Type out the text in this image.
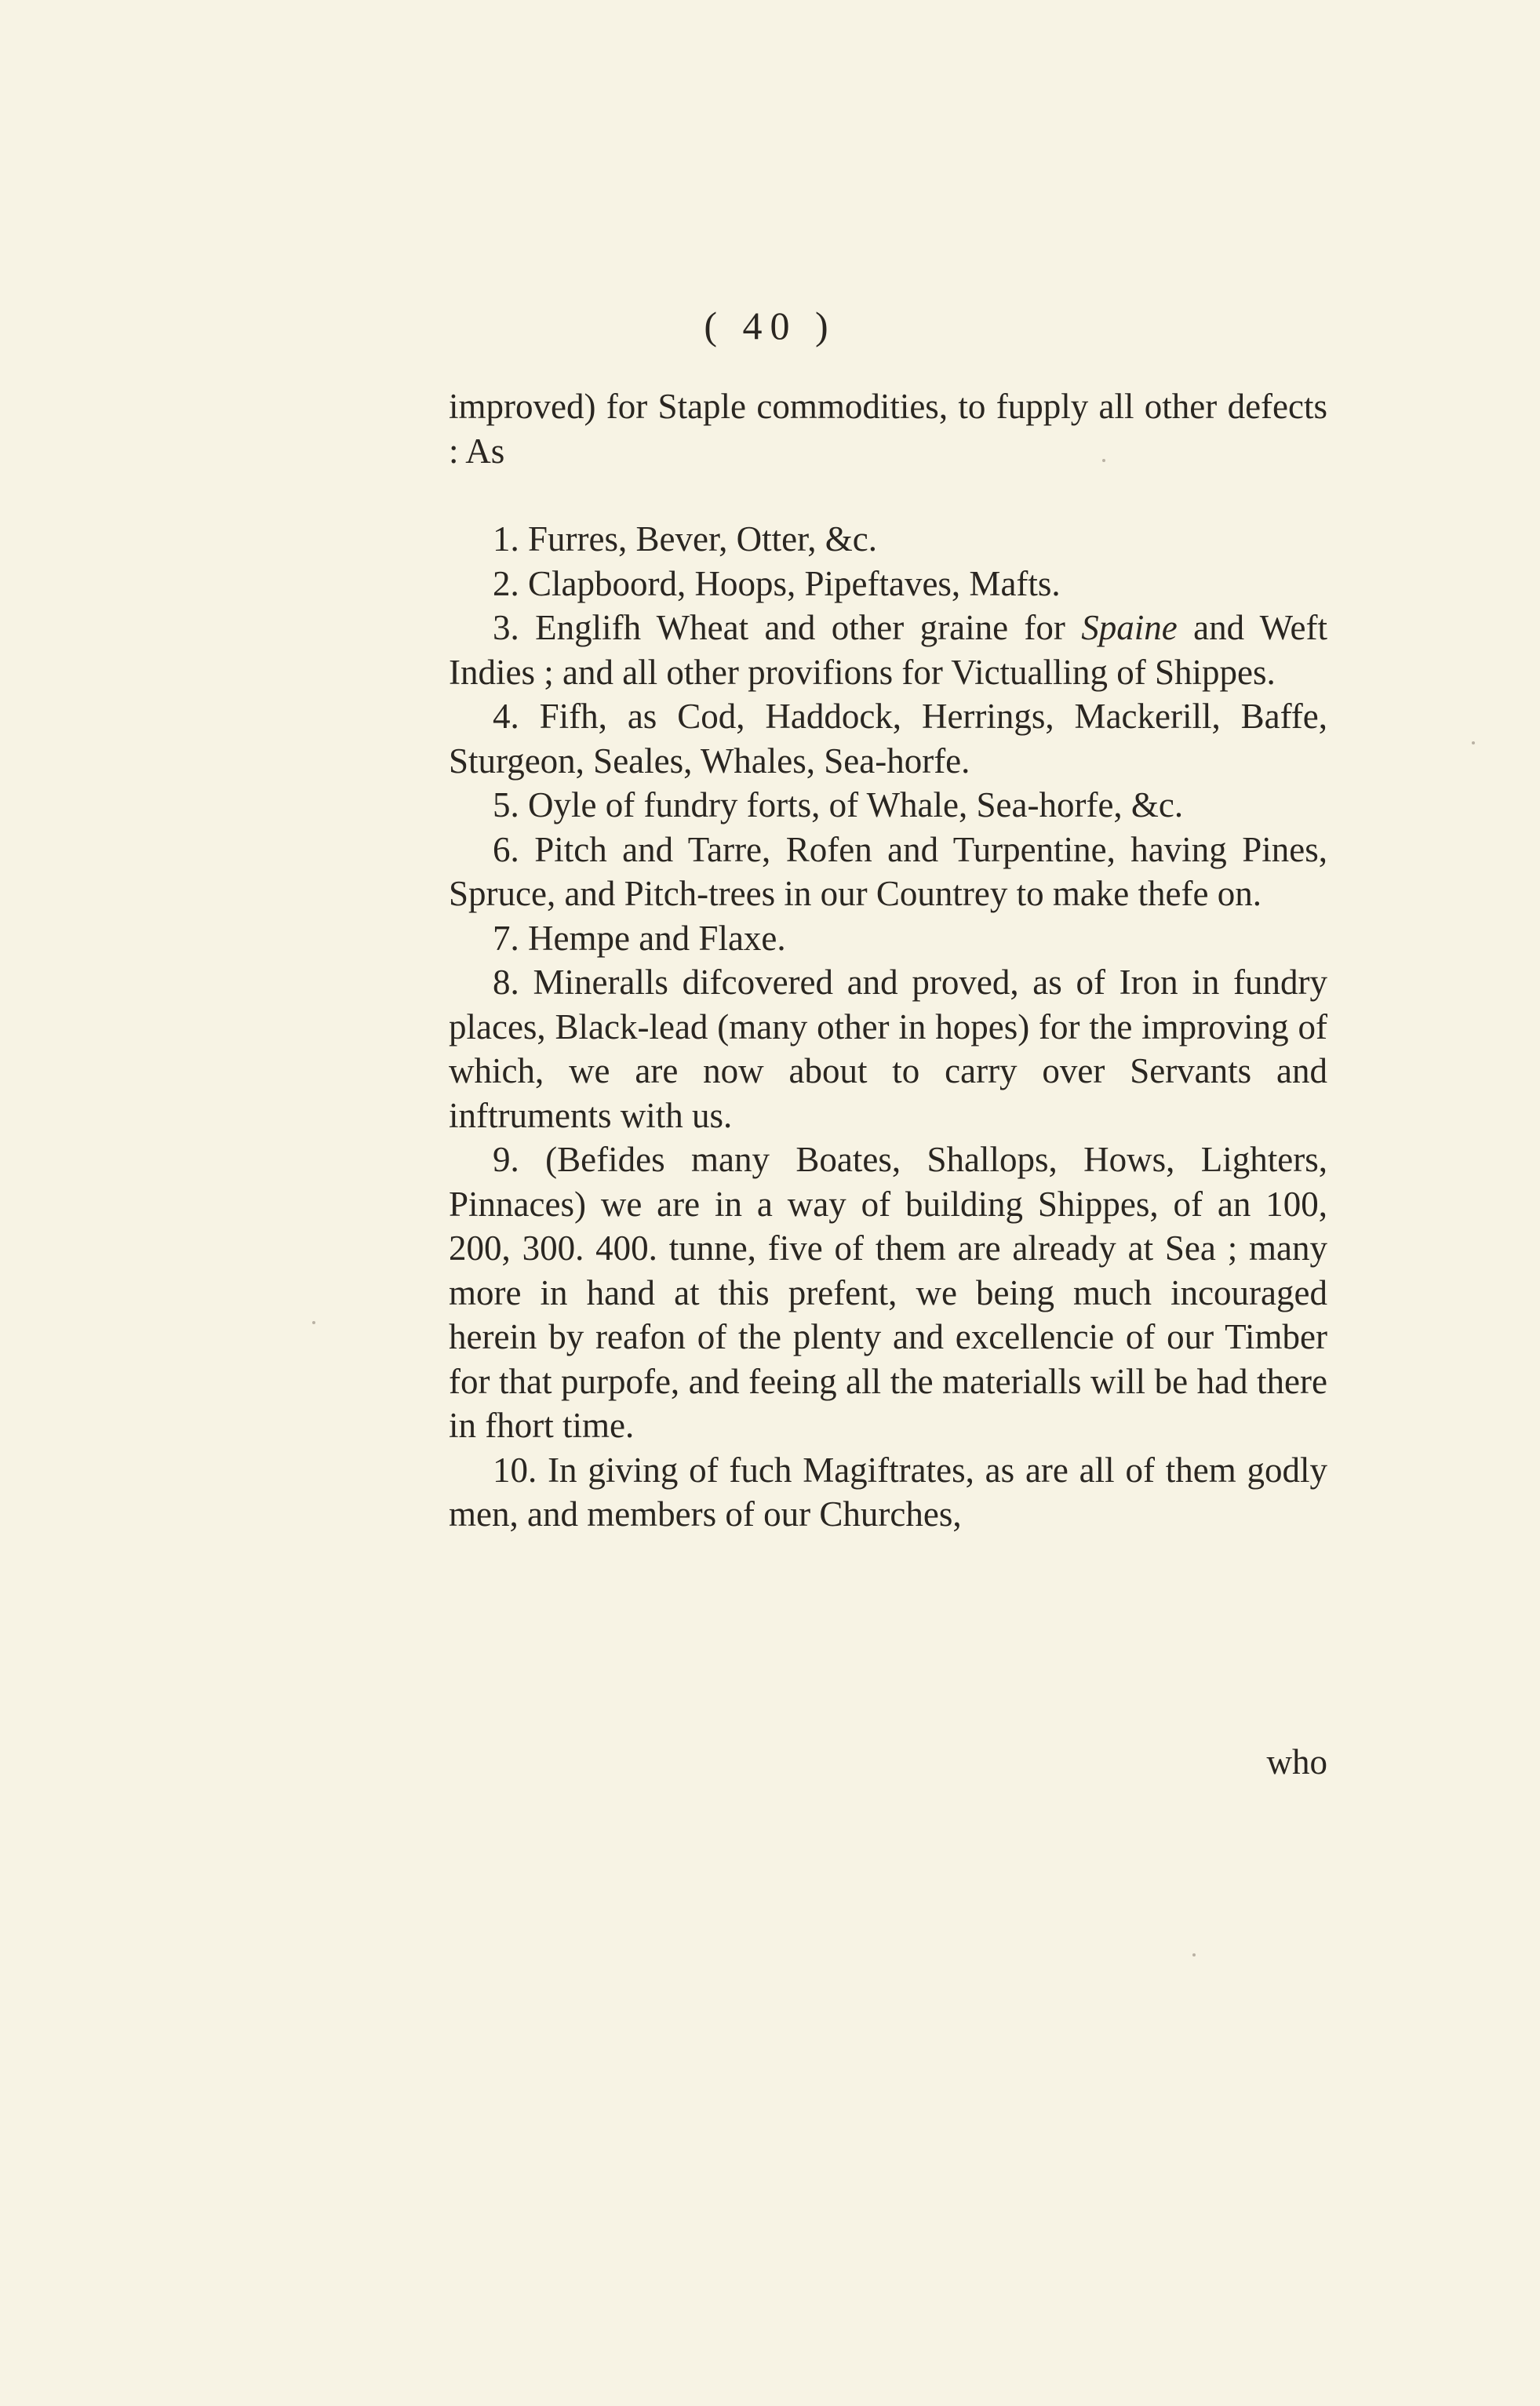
( 40 )

improved) for Staple commodities, to fupply all other defects : As

1. Furres, Bever, Otter, &c.

2. Clapboord, Hoops, Pipeftaves, Mafts.

3. Englifh Wheat and other graine for Spaine and Weft Indies ; and all other provifions for Victualling of Shippes.

4. Fifh, as Cod, Haddock, Herrings, Mackerill, Baffe, Sturgeon, Seales, Whales, Sea-horfe.

5. Oyle of fundry forts, of Whale, Sea-horfe, &c.

6. Pitch and Tarre, Rofen and Turpentine, having Pines, Spruce, and Pitch-trees in our Countrey to make thefe on.

7. Hempe and Flaxe.

8. Mineralls difcovered and proved, as of Iron in fundry places, Black-lead (many other in hopes) for the improving of which, we are now about to carry over Servants and inftruments with us.

9. (Befides many Boates, Shallops, Hows, Lighters, Pinnaces) we are in a way of building Shippes, of an 100, 200, 300. 400. tunne, five of them are already at Sea ; many more in hand at this prefent, we being much incouraged herein by reafon of the plenty and excellencie of our Timber for that purpofe, and feeing all the materialls will be had there in fhort time.

10. In giving of fuch Magiftrates, as are all of them godly men, and members of our Churches,

who
